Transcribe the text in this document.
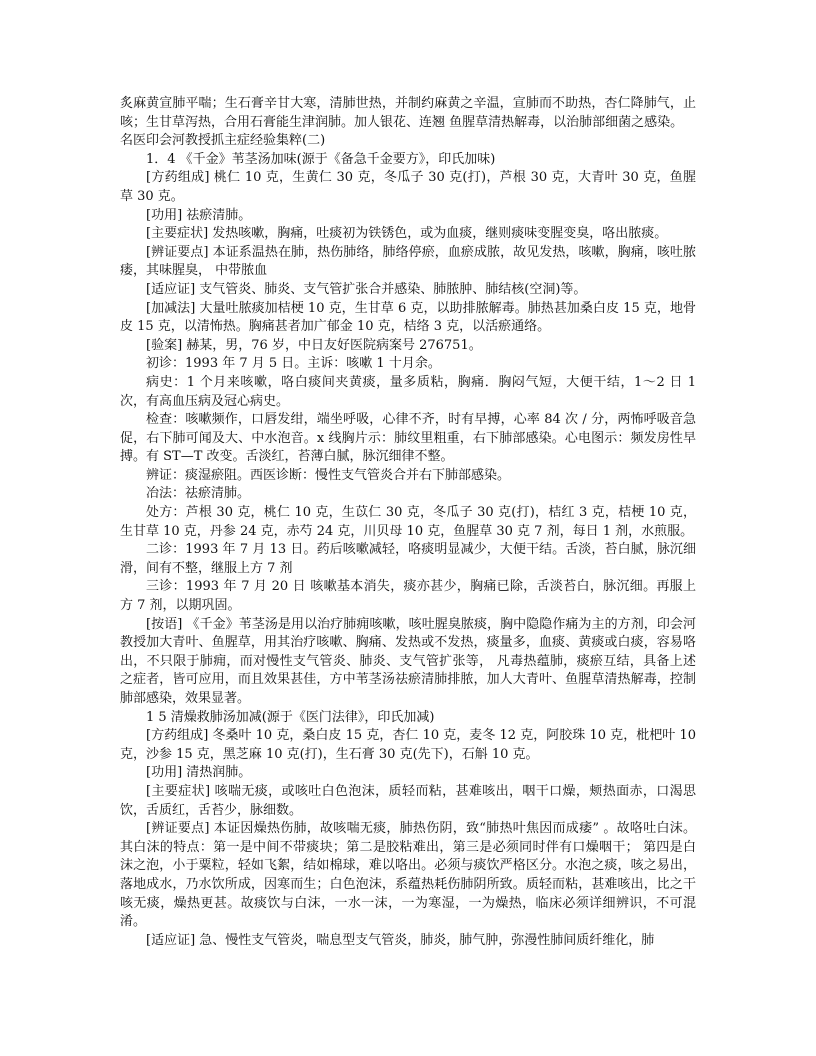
炙麻黄宣肺平喘；生石膏辛甘大寒，清肺世热，并制约麻黄之辛温，宣肺而不助热，杏仁降肺气，止咳；生甘草泻热，合用石膏能生津润肺。加人银花、连翘 鱼腥草清热解毒，以治肺部细菌之感染。

名医印会河教授抓主症经验集粹(二)

1．4 《千金》苇茎汤加味(源于《备急千金要方》，印氏加味)

[方药组成] 桃仁 10 克，生黄仁 30 克，冬瓜子 30 克(打)，芦根 30 克，大青叶 30 克，鱼腥草 30 克。

[功用] 祛瘀清肺。

[主要症状] 发热咳嗽，胸痛，吐痰初为铁锈色，或为血痰，继则痰味变腥变臭，咯出脓痰。

[辨证要点] 本证系温热在肺，热伤肺络，肺络停瘀，血瘀成脓，故见发热，咳嗽，胸痛，咳吐脓瘘，其味腥臭， 中带脓血

[适应证] 支气管炎、肺炎、支气管扩张合并感染、肺脓肿、肺结核(空洞)等。

[加减法] 大量吐脓痰加桔梗 10 克，生甘草 6 克，以助排脓解毒。肺热甚加桑白皮 15 克，地骨皮 15 克，以清怖热。胸痛甚者加广郁金 10 克，桔络 3 克，以活瘀通络。

[验案] 赫某，男，76 岁，中日友好医院病案号 276751。

初诊：1993 年 7 月 5 日。主诉：咳嗽 1 十月余。

病史：1 个月来咳嗽，咯白痰间夹黄痰，量多质粘，胸痛．胸闷气短，大便干结，1～2 日 1 次，有高血压病及冠心病史。

检查：咳嗽频作，口唇发绀，端坐呼吸，心律不齐，时有早搏，心率 84 次 / 分，两怖呼吸音急促，右下肺可闻及大、中水泡音。x 线胸片示：肺纹里粗重，右下肺部感染。心电图示：频发房性早搏。有 ST—T 改变。舌淡红，苔薄白腻，脉沉细律不整。

辨证：痰湿瘀阻。西医诊断：慢性支气管炎合并右下肺部感染。

冶法：祛瘀清肺。

处方：芦根 30 克，桃仁 10 克，生苡仁 30 克，冬瓜子 30 克(打)，桔红 3 克，桔梗 10 克，生甘草 10 克，丹参 24 克，赤芍 24 克，川贝母 10 克，鱼腥草 30 克 7 剂，每日 1 剂，水煎服。

二诊：1993 年 7 月 13 日。药后咳嗽减轻，咯痰明显减少，大便干结。舌淡，苔白腻，脉沉细滑，间有不整，继服上方 7 剂

三诊：1993 年 7 月 20 日 咳嗽基本消失，痰亦甚少，胸痛已除，舌淡苔白，脉沉细。再服上方 7 剂，以期巩固。

[按语] 《千金》苇茎汤是用以治疗肺痈咳嗽，咳吐腥臭脓痰，胸中隐隐作痛为主的方剂，印会河教授加大青叶、鱼腥草，用其治疗咳嗽、胸痛、发热或不发热，痰量多，血痰、黄痰或白痰，容易咯出，不只限于肺痈，而对慢性支气管炎、肺炎、支气管扩张等， 凡毒热蕴肺，痰瘀互结，具备上述之症者，皆可应用，而且效果甚佳，方中苇茎汤祛瘀清肺排脓，加人大青叶、鱼腥草清热解毒，控制肺部感染，效果显著。

1 5 清燥救肺汤加减(源于《医门法律》，印氏加减)

[方药组成] 冬桑叶 10 克，桑白皮 15 克，杏仁 10 克，麦冬 12 克，阿胶珠 10 克，枇杷叶 10 克，沙参 15 克，黑芝麻 10 克(打)，生石膏 30 克(先下)，石斛 10 克。

[功用] 清热润肺。

[主要症状] 咳喘无痰，或咳吐白色泡沫，质轻而粘，甚难咳出，咽干口燥，颊热面赤，口渴思饮，舌质红，舌苔少，脉细数。

[辨证要点] 本证因燥热伤肺，故咳喘无痰，肺热伤阴，致“肺热叶焦因而成痿” 。故咯吐白沫。其白沫的特点：第一是中间不带痰块；第二是胶粘难出，第三是必须同时伴有口燥咽干； 第四是白沫之泡，小于粟粒，轻如飞絮，结如棉球，难以咯出。必须与痰饮严格区分。水泡之痰，咳之易出，落地成水，乃水饮所成，因寒而生；白色泡沫，系蕴热耗伤肺阴所致。质轻而粘，甚难咳出，比之干咳无痰，燥热更甚。故痰饮与白沫，一水一沫，一为寒湿，一为燥热，临床必须详细辨识，不可混淆。

[适应证] 急、慢性支气管炎，喘息型支气管炎，肺炎，肺气肿，弥漫性肺间质纤维化，肺
